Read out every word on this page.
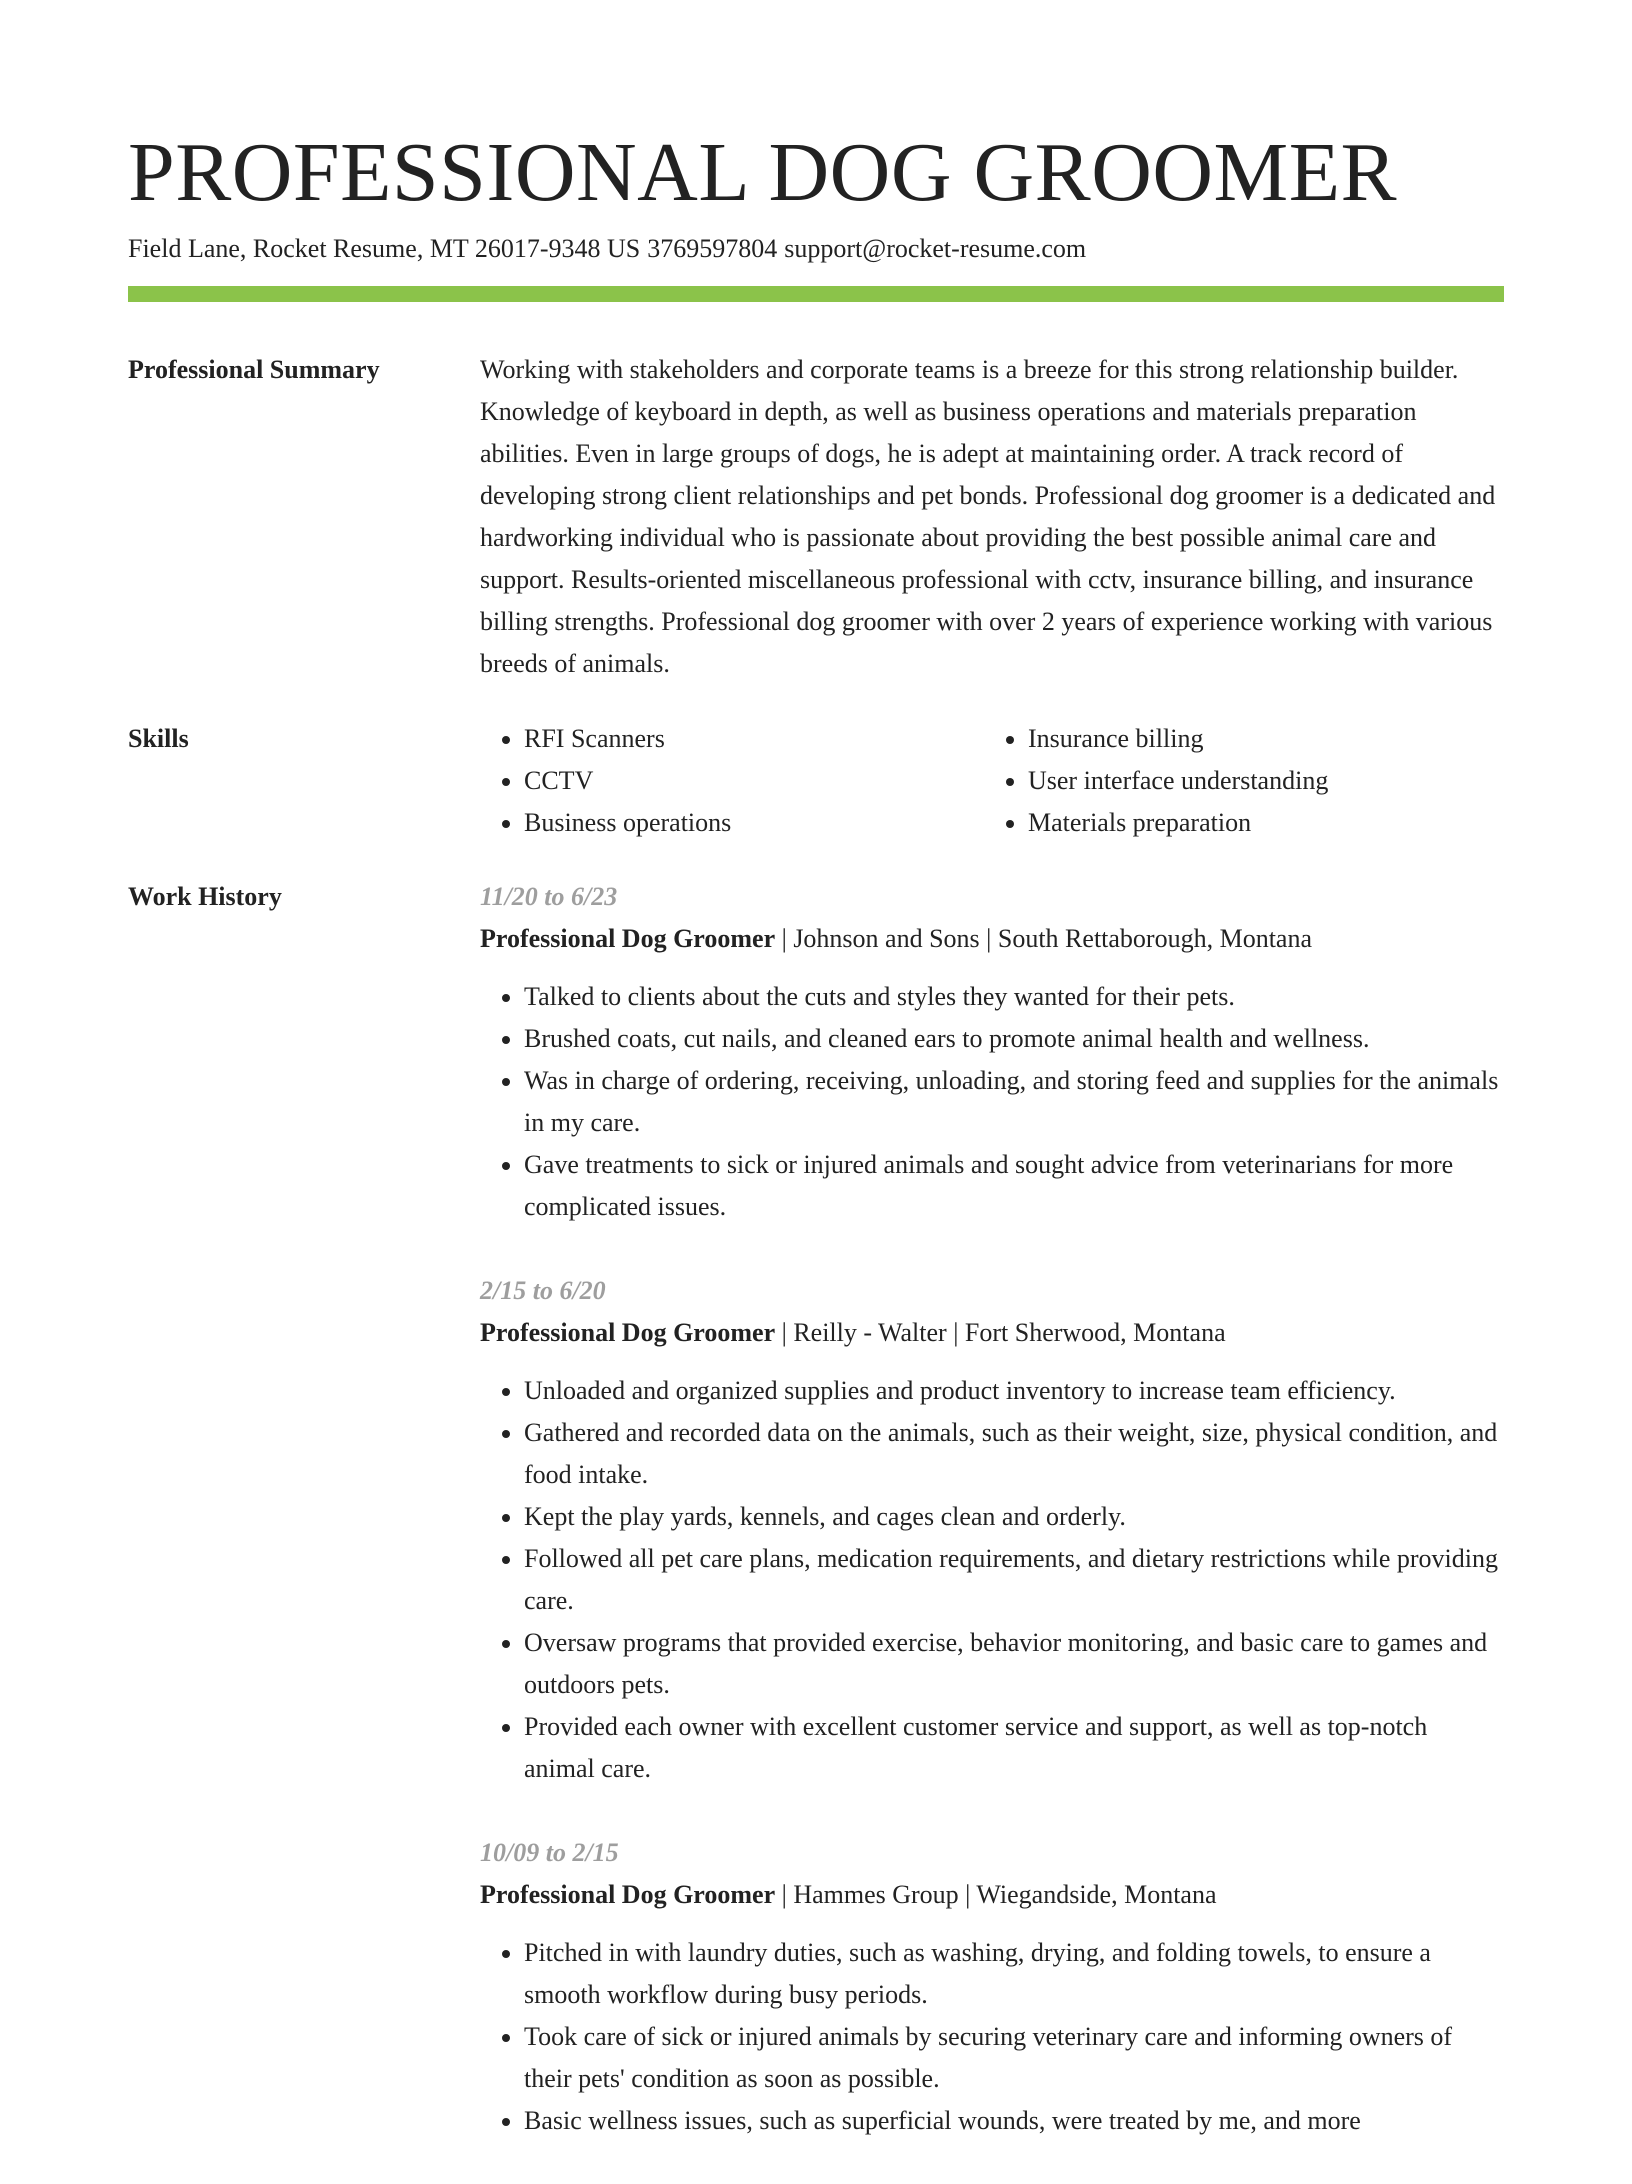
PROFESSIONAL DOG GROOMER
Field Lane, Rocket Resume, MT 26017-9348 US 3769597804 support@rocket-resume.com
Professional Summary	Working with stakeholders and corporate teams is a breeze for this strong relationship builder. Knowledge of keyboard in depth, as well as business operations and materials preparation abilities. Even in large groups of dogs, he is adept at maintaining order. A track record of developing strong client relationships and pet bonds. Professional dog groomer is a dedicated and hardworking individual who is passionate about providing the best possible animal care and support. Results-oriented miscellaneous professional with cctv, insurance billing, and insurance billing strengths. Professional dog groomer with over 2 years of experience working with various breeds of animals.

Skills
•	RFI Scanners
• CCTV
• Business operations
• Insurance billing
• User interface understanding
• Materials preparation
Work History	11/20 to 6/23
Professional Dog Groomer | Johnson and Sons | South Rettaborough, Montana
• Talked to clients about the cuts and styles they wanted for their pets.
• Brushed coats, cut nails, and cleaned ears to promote animal health and wellness.
• Was in charge of ordering, receiving, unloading, and storing feed and supplies for the animals in my care.
• Gave treatments to sick or injured animals and sought advice from veterinarians for more complicated issues.
2/15 to 6/20
Professional Dog Groomer | Reilly - Walter | Fort Sherwood, Montana
• Unloaded and organized supplies and product inventory to increase team efficiency.
• Gathered and recorded data on the animals, such as their weight, size, physical condition, and food intake.
• Kept the play yards, kennels, and cages clean and orderly.
• Followed all pet care plans, medication requirements, and dietary restrictions while providing care.
• Oversaw programs that provided exercise, behavior monitoring, and basic care to games and outdoors pets.
• Provided each owner with excellent customer service and support, as well as top-notch animal care.
10/09 to 2/15
Professional Dog Groomer | Hammes Group | Wiegandside, Montana
• Pitched in with laundry duties, such as washing, drying, and folding towels, to ensure a smooth workflow during busy periods.
• Took care of sick or injured animals by securing veterinary care and informing owners of their pets' condition as soon as possible.
• Basic wellness issues, such as superficial wounds, were treated by me, and more
